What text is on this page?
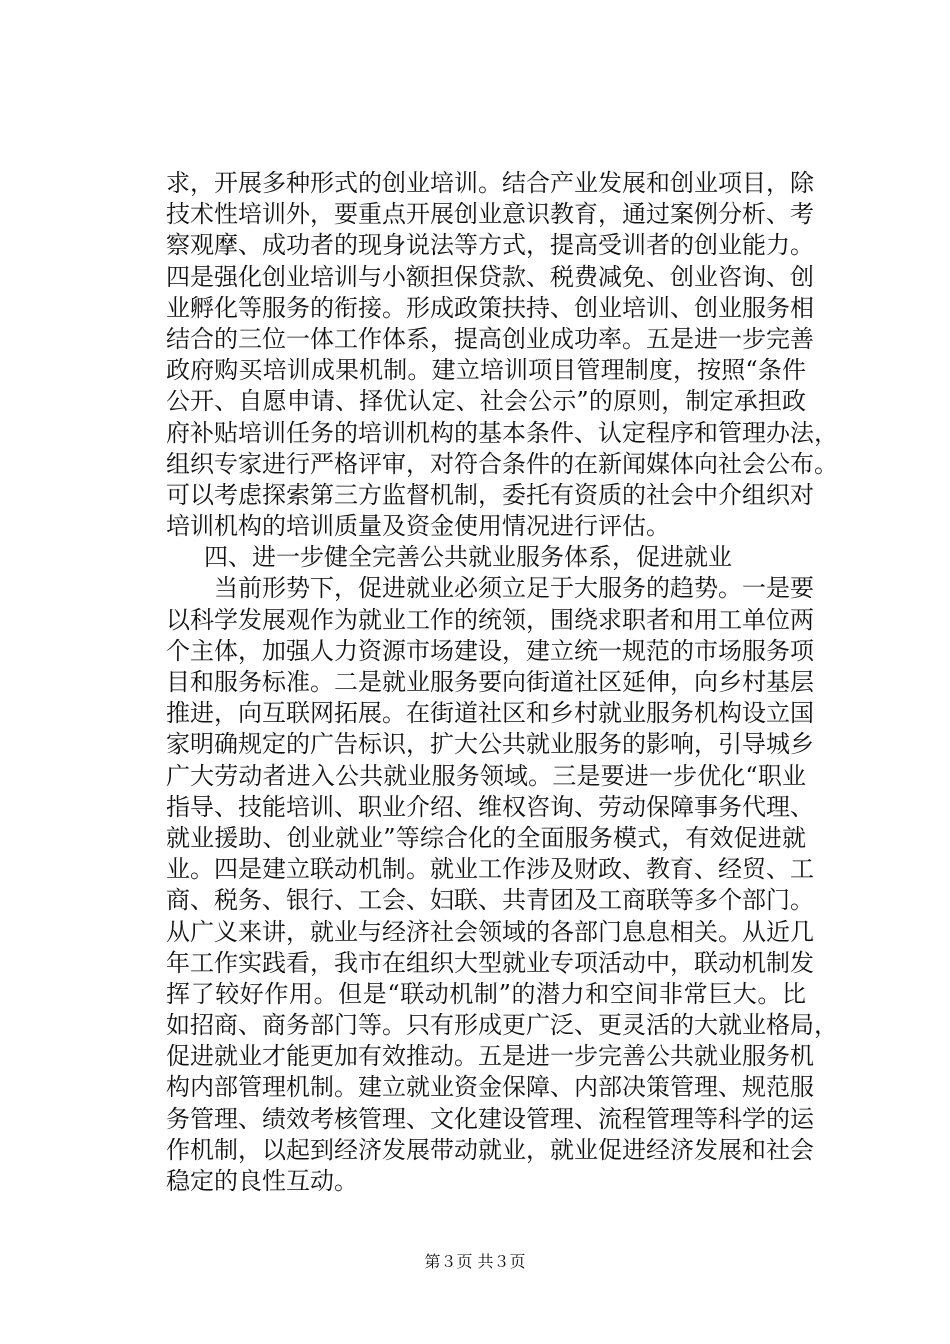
求，开展多种形式的创业培训。结合产业发展和创业项目，除
技术性培训外，要重点开展创业意识教育，通过案例分析、考
察观摩、成功者的现身说法等方式，提高受训者的创业能力。
四是强化创业培训与小额担保贷款、税费减免、创业咨询、创
业孵化等服务的衔接。形成政策扶持、创业培训、创业服务相
结合的三位一体工作体系，提高创业成功率。五是进一步完善
政府购买培训成果机制。建立培训项目管理制度，按照“条件
公开、自愿申请、择优认定、社会公示”的原则，制定承担政
府补贴培训任务的培训机构的基本条件、认定程序和管理办法，
组织专家进行严格评审，对符合条件的在新闻媒体向社会公布。
可以考虑探索第三方监督机制，委托有资质的社会中介组织对
培训机构的培训质量及资金使用情况进行评估。
四、进一步健全完善公共就业服务体系，促进就业
当前形势下，促进就业必须立足于大服务的趋势。一是要
以科学发展观作为就业工作的统领，围绕求职者和用工单位两
个主体，加强人力资源市场建设，建立统一规范的市场服务项
目和服务标准。二是就业服务要向街道社区延伸，向乡村基层
推进，向互联网拓展。在街道社区和乡村就业服务机构设立国
家明确规定的广告标识，扩大公共就业服务的影响，引导城乡
广大劳动者进入公共就业服务领域。三是要进一步优化“职业
指导、技能培训、职业介绍、维权咨询、劳动保障事务代理、
就业援助、创业就业”等综合化的全面服务模式，有效促进就
业。四是建立联动机制。就业工作涉及财政、教育、经贸、工
商、税务、银行、工会、妇联、共青团及工商联等多个部门。
从广义来讲，就业与经济社会领域的各部门息息相关。从近几
年工作实践看，我市在组织大型就业专项活动中，联动机制发
挥了较好作用。但是“联动机制”的潜力和空间非常巨大。比
如招商、商务部门等。只有形成更广泛、更灵活的大就业格局，
促进就业才能更加有效推动。五是进一步完善公共就业服务机
构内部管理机制。建立就业资金保障、内部决策管理、规范服
务管理、绩效考核管理、文化建设管理、流程管理等科学的运
作机制，以起到经济发展带动就业，就业促进经济发展和社会
稳定的良性互动。
第３页 共３页
